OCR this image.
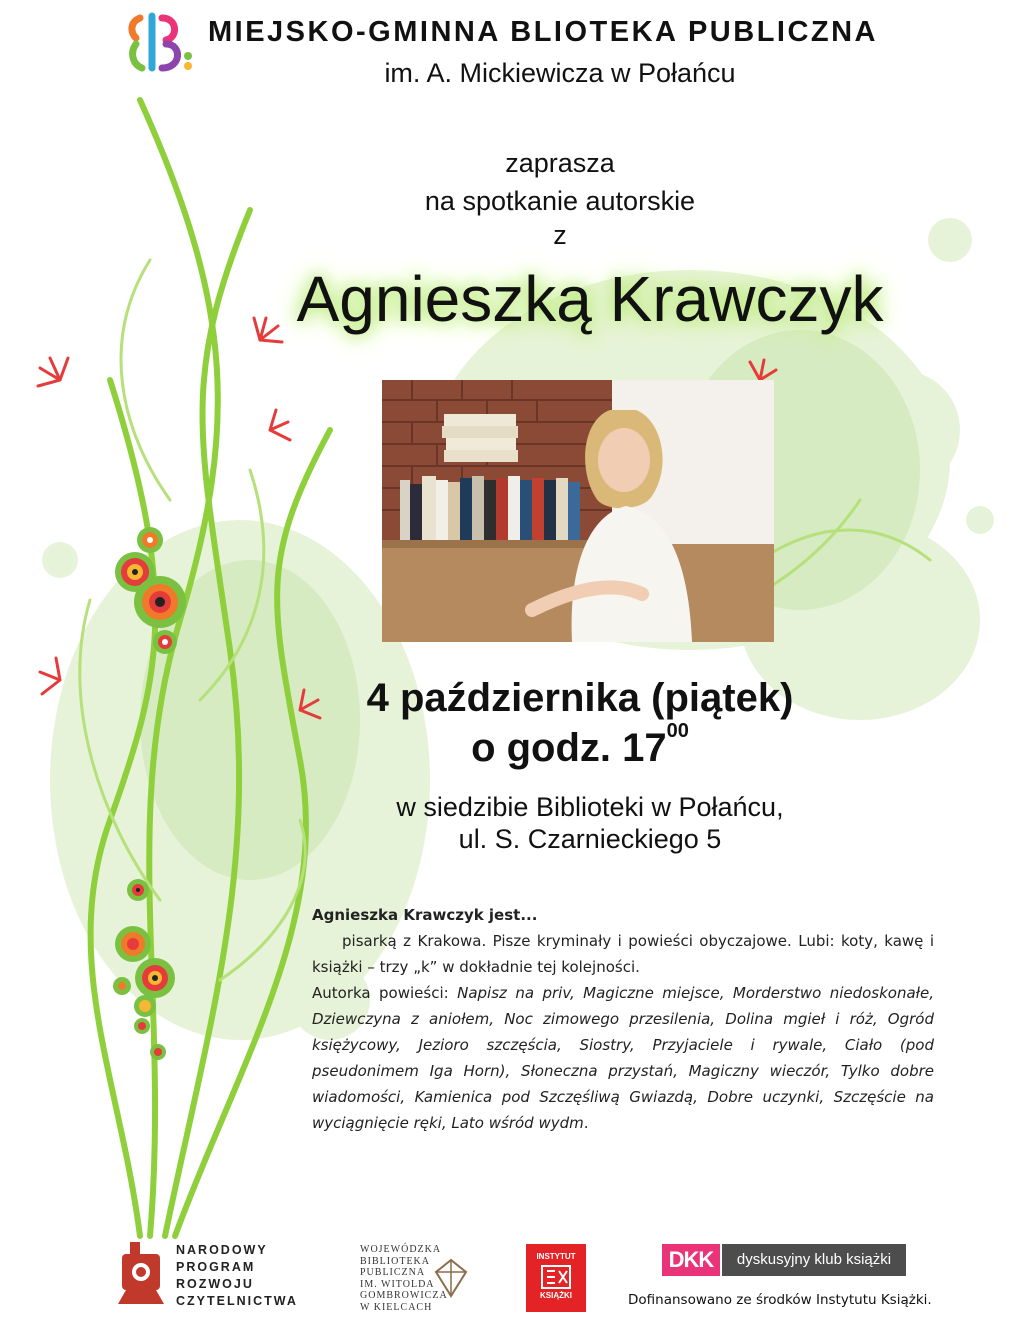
MIEJSKO-GMINNA BLIOTEKA PUBLICZNA
im. A. Mickiewicza w Połańcu
zaprasza
na spotkanie autorskie
z
Agnieszką Krawczyk
4 października (piątek)
o godz. $17^{00}$
w siedzibie Biblioteki w Połańcu,
ul. S. Czarnieckiego 5
Agnieszka Krawczyk jest...

pisarką z Krakowa. Pisze kryminały i powieści obyczajowe. Lubi: koty, kawę i książki – trzy „k” w dokładnie tej kolejności.

Autorka powieści: Napisz na priv, Magiczne miejsce, Morderstwo niedoskonałe, Dziewczyna z aniołem, Noc zimowego przesilenia, Dolina mgieł i róż, Ogród księżycowy, Jezioro szczęścia, Siostry, Przyjaciele i rywale, Ciało (pod pseudonimem Iga Horn), Słoneczna przystań, Magiczny wieczór, Tylko dobre wiadomości, Kamienica pod Szczęśliwą Gwiazdą, Dobre uczynki, Szczęście na wyciągnięcie ręki, Lato wśród wydm.

NARODOWY
PROGRAM
ROZWOJU
CZYTELNICTWA
WOJEWÓDZKA
BIBLIOTEKA
PUBLICZNA
IM. WITOLDA
GOMBROWICZA
W KIELCACH
INSTYTUT
KSIĄŻKI
DKK	dyskusyjny klub książki
Dofinansowano ze środków Instytutu Książki.
